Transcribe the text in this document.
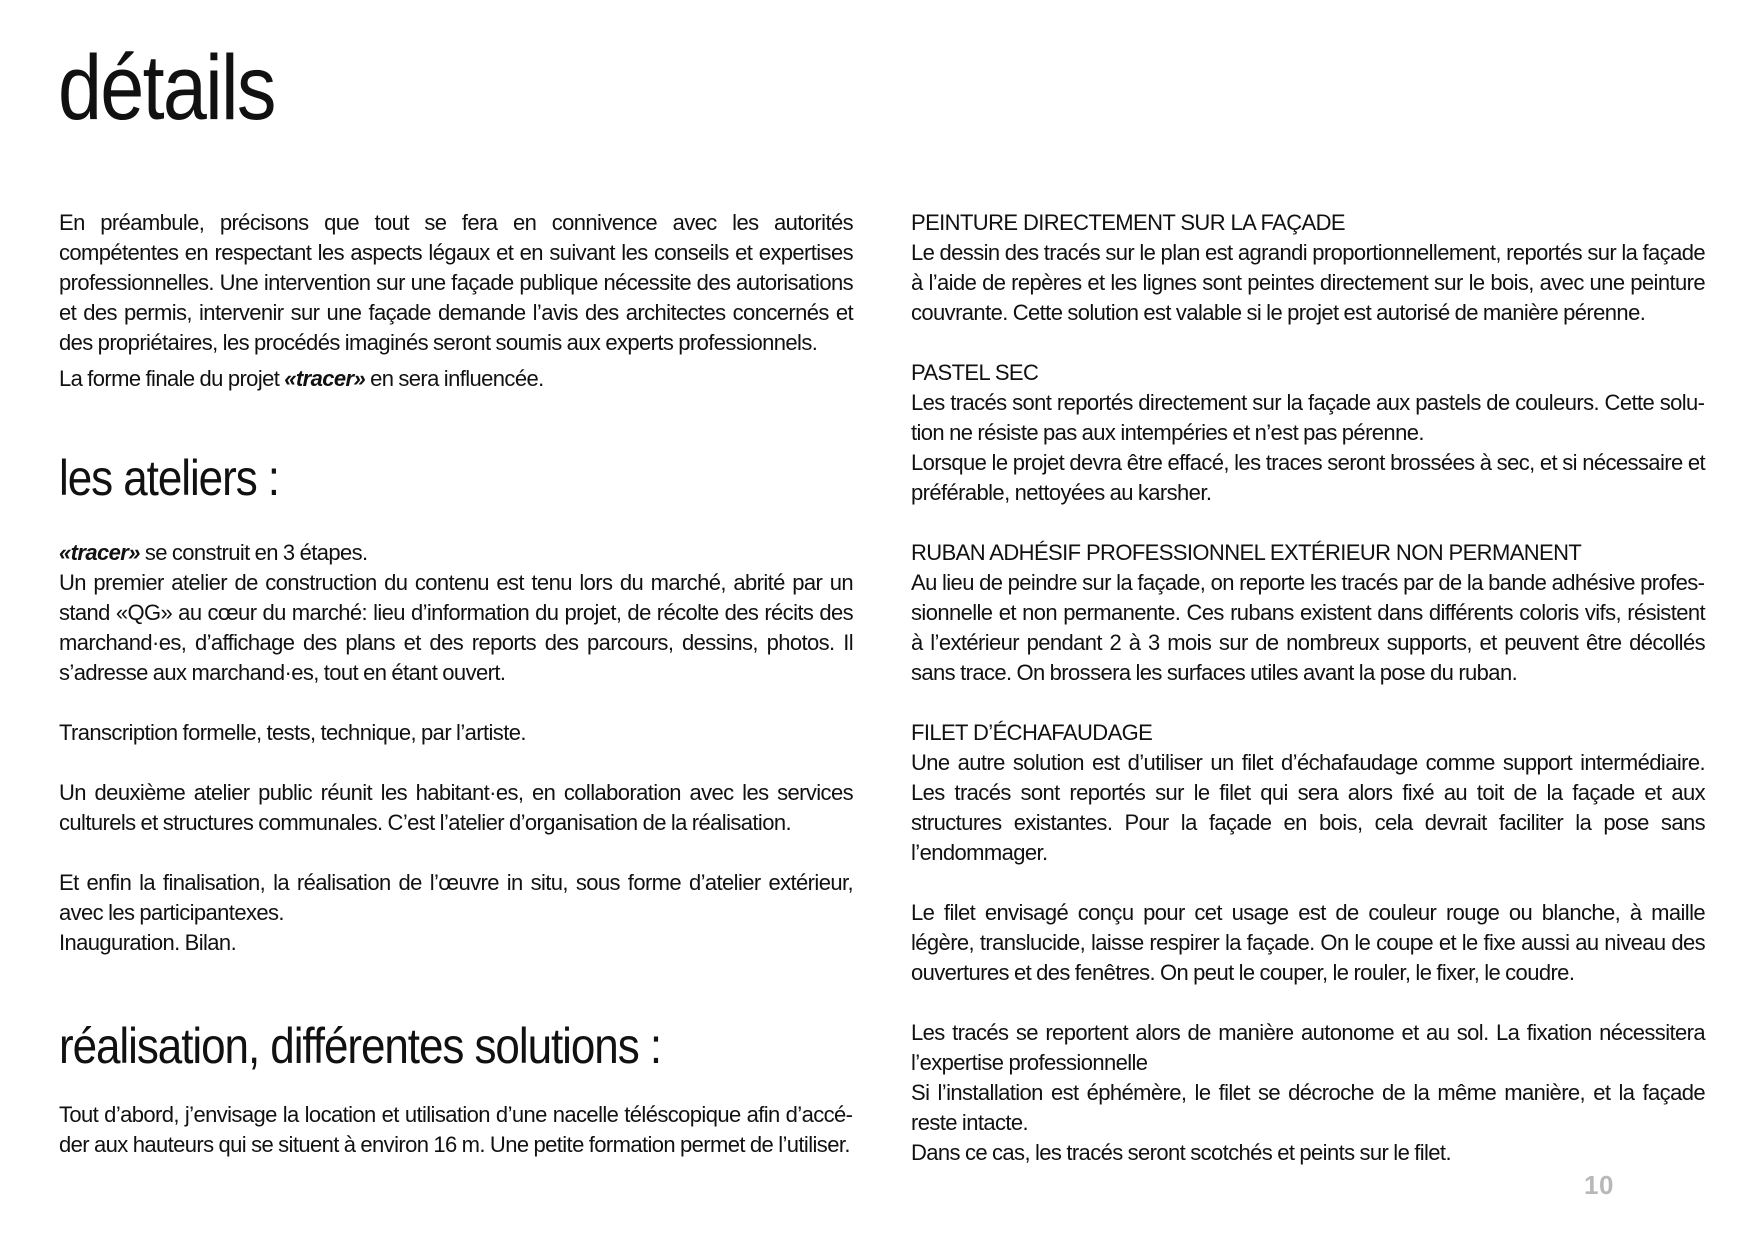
détails

En préambule, précisons que tout se fera en connivence avec les autorités compétentes en respectant les aspects légaux et en suivant les conseils et expertises professionnelles. Une intervention sur une façade publique nécessite des autorisations et des permis, intervenir sur une façade demande l’avis des architectes concernés et des propriétaires, les procédés imaginés seront soumis aux experts professionnels.

La forme finale du projet «tracer» en sera influencée.

les ateliers :

«tracer» se construit en 3 étapes.

Un premier atelier de construction du contenu est tenu lors du marché, abrité par un stand «QG» au cœur du marché: lieu d’information du projet, de récolte des récits des marchand·es, d’affichage des plans et des reports des parcours, dessins, photos. Il s’adresse aux marchand·es, tout en étant ouvert.

Transcription formelle, tests, technique, par l’artiste.

Un deuxième atelier public réunit les habitant·es, en collaboration avec les services culturels et structures communales. C’est l’atelier d’organisation de la réalisation.

Et enfin la finalisation, la réalisation de l’œuvre in situ, sous forme d’atelier extérieur, avec les participantexes.

Inauguration. Bilan.

réalisation, différentes solutions :

Tout d’abord, j’envisage la location et utilisation d’une nacelle téléscopique afin d’accéder aux hauteurs qui se situent à environ 16 m. Une petite formation permet de l’utiliser.

PEINTURE DIRECTEMENT SUR LA FAÇADE

Le dessin des tracés sur le plan est agrandi proportionnellement, reportés sur la façade à l’aide de repères et les lignes sont peintes directement sur le bois, avec une peinture couvrante. Cette solution est valable si le projet est autorisé de manière pérenne.

PASTEL SEC

Les tracés sont reportés directement sur la façade aux pastels de couleurs. Cette solution ne résiste pas aux intempéries et n’est pas pérenne.

Lorsque le projet devra être effacé, les traces seront brossées à sec, et si nécessaire et préférable, nettoyées au karsher.

RUBAN ADHÉSIF PROFESSIONNEL EXTÉRIEUR NON PERMANENT

Au lieu de peindre sur la façade, on reporte les tracés par de la bande adhésive professionnelle et non permanente. Ces rubans existent dans différents coloris vifs, résistent à l’extérieur pendant 2 à 3 mois sur de nombreux supports, et peuvent être décollés sans trace. On brossera les surfaces utiles avant la pose du ruban.

FILET D’ÉCHAFAUDAGE

Une autre solution est d’utiliser un filet d’échafaudage comme support intermédiaire. Les tracés sont reportés sur le filet qui sera alors fixé au toit de la façade et aux structures existantes. Pour la façade en bois, cela devrait faciliter la pose sans l’endommager.

Le filet envisagé conçu pour cet usage est de couleur rouge ou blanche, à maille légère, translucide, laisse respirer la façade. On le coupe et le fixe aussi au niveau des ouvertures et des fenêtres. On peut le couper, le rouler, le fixer, le coudre.

Les tracés se reportent alors de manière autonome et au sol. La fixation nécessitera l’expertise professionnelle

Si l’installation est éphémère, le filet se décroche de la même manière, et la façade reste intacte.

Dans ce cas, les tracés seront scotchés et peints sur le filet.

10
